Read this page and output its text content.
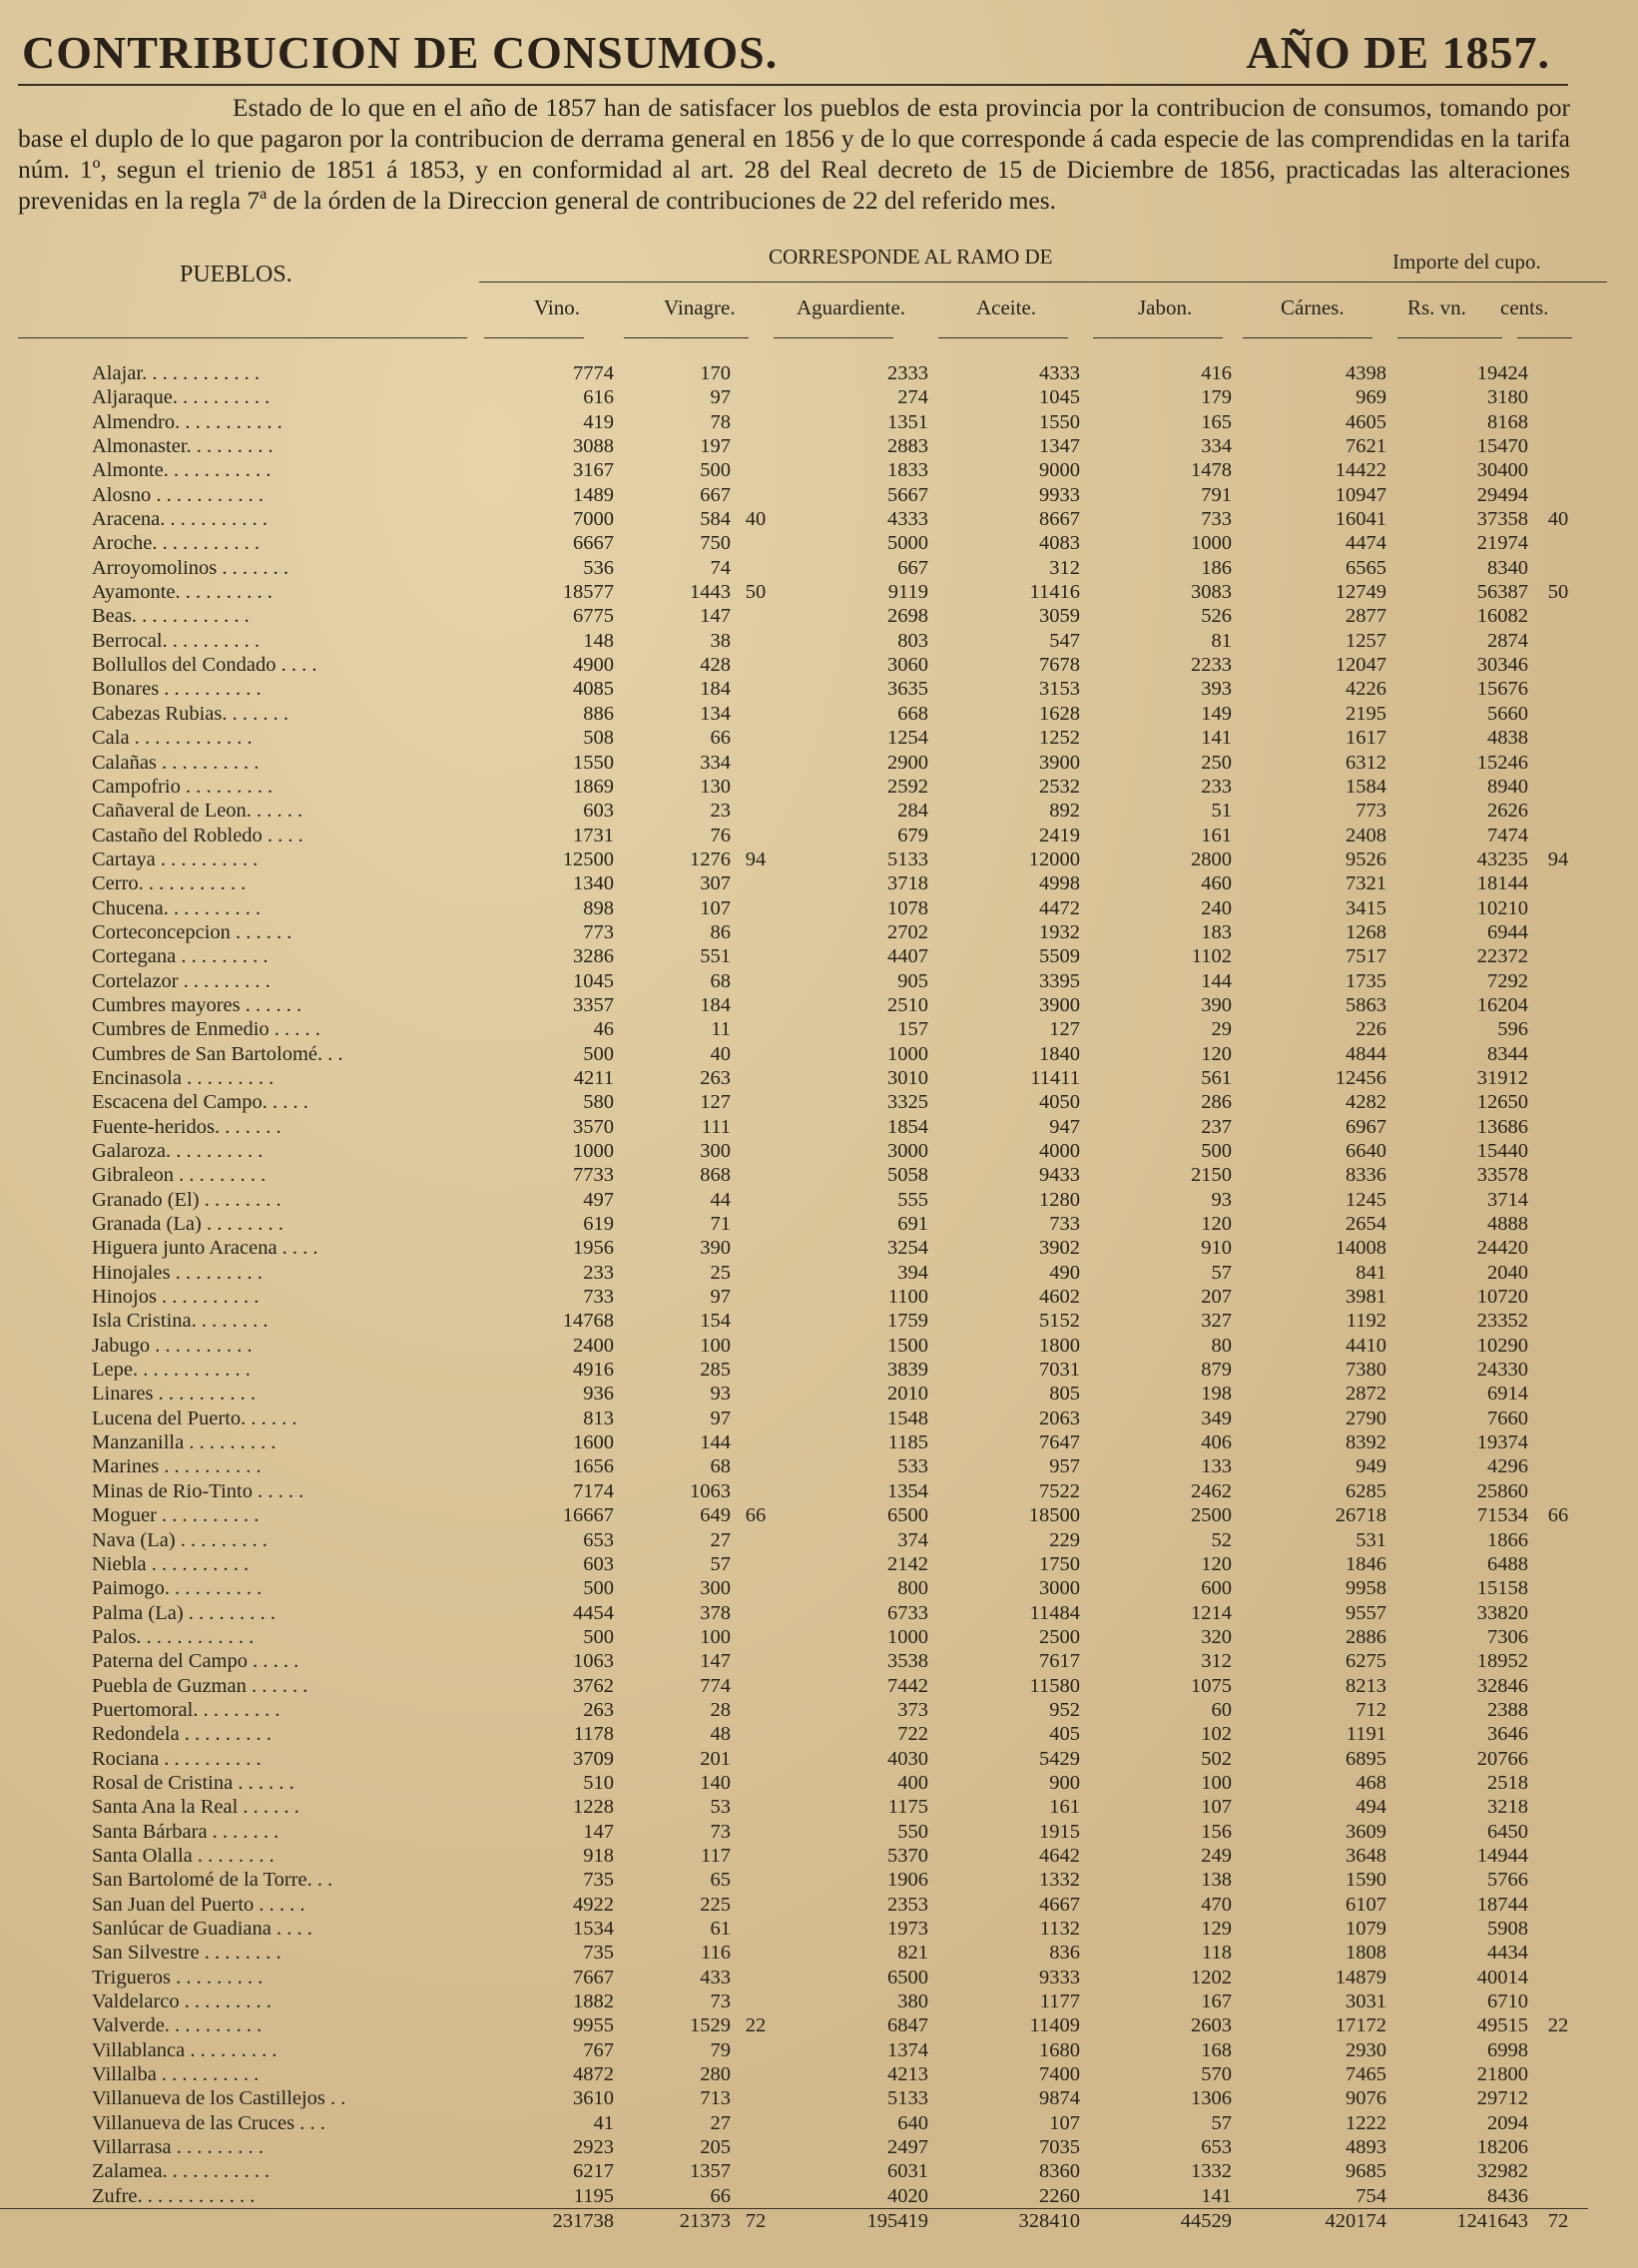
CONTRIBUCION DE CONSUMOS.	AÑO DE 1857.
Estado de lo que en el año de 1857 han de satisfacer los pueblos de esta provincia por la contribucion de consumos, tomando por base el duplo de lo que pagaron por la contribucion de derrama general en 1856 y de lo que corresponde á cada especie de las comprendidas en la tarifa núm. 1º, segun el trienio de 1851 á 1853, y en conformidad al art. 28 del Real decreto de 15 de Diciembre de 1856, practicadas las alteraciones prevenidas en la regla 7ª de la órden de la Direccion general de contribuciones de 22 del referido mes.
PUEBLOS.
CORRESPONDE AL RAMO DE	Importe del cupo.
Vino.	Vinagre.	Aguardiente.	Aceite.	Jabon.	Cárnes.	Rs. vn. cents.
Alajar. . . . . . . . . . . .	7774	170		2333	4333	416	4398	19424	
Aljaraque. . . . . . . . . .	616	97		274	1045	179	969	3180	
Almendro. . . . . . . . . . .	419	78		1351	1550	165	4605	8168	
Almonaster. . . . . . . . .	3088	197		2883	1347	334	7621	15470	
Almonte. . . . . . . . . . .	3167	500		1833	9000	1478	14422	30400	
Alosno . . . . . . . . . . .	1489	667		5667	9933	791	10947	29494	
Aracena. . . . . . . . . . .	7000	584	40	4333	8667	733	16041	37358	40
Aroche. . . . . . . . . . .	6667	750		5000	4083	1000	4474	21974	
Arroyomolinos . . . . . . .	536	74		667	312	186	6565	8340	
Ayamonte. . . . . . . . . .	18577	1443	50	9119	11416	3083	12749	56387	50
Beas. . . . . . . . . . . .	6775	147		2698	3059	526	2877	16082	
Berrocal. . . . . . . . . .	148	38		803	547	81	1257	2874	
Bollullos del Condado . . . .	4900	428		3060	7678	2233	12047	30346	
Bonares . . . . . . . . . .	4085	184		3635	3153	393	4226	15676	
Cabezas Rubias. . . . . . .	886	134		668	1628	149	2195	5660	
Cala . . . . . . . . . . . .	508	66		1254	1252	141	1617	4838	
Calañas . . . . . . . . . .	1550	334		2900	3900	250	6312	15246	
Campofrio . . . . . . . . .	1869	130		2592	2532	233	1584	8940	
Cañaveral de Leon. . . . . .	603	23		284	892	51	773	2626	
Castaño del Robledo . . . .	1731	76		679	2419	161	2408	7474	
Cartaya . . . . . . . . . .	12500	1276	94	5133	12000	2800	9526	43235	94
Cerro. . . . . . . . . . .	1340	307		3718	4998	460	7321	18144	
Chucena. . . . . . . . . .	898	107		1078	4472	240	3415	10210	
Corteconcepcion . . . . . .	773	86		2702	1932	183	1268	6944	
Cortegana . . . . . . . . .	3286	551		4407	5509	1102	7517	22372	
Cortelazor . . . . . . . . .	1045	68		905	3395	144	1735	7292	
Cumbres mayores . . . . . .	3357	184		2510	3900	390	5863	16204	
Cumbres de Enmedio . . . . .	46	11		157	127	29	226	596	
Cumbres de San Bartolomé. . .	500	40		1000	1840	120	4844	8344	
Encinasola . . . . . . . . .	4211	263		3010	11411	561	12456	31912	
Escacena del Campo. . . . .	580	127		3325	4050	286	4282	12650	
Fuente-heridos. . . . . . .	3570	111		1854	947	237	6967	13686	
Galaroza. . . . . . . . . .	1000	300		3000	4000	500	6640	15440	
Gibraleon . . . . . . . . .	7733	868		5058	9433	2150	8336	33578	
Granado (El) . . . . . . . .	497	44		555	1280	93	1245	3714	
Granada (La) . . . . . . . .	619	71		691	733	120	2654	4888	
Higuera junto Aracena . . . .	1956	390		3254	3902	910	14008	24420	
Hinojales . . . . . . . . .	233	25		394	490	57	841	2040	
Hinojos . . . . . . . . . .	733	97		1100	4602	207	3981	10720	
Isla Cristina. . . . . . . .	14768	154		1759	5152	327	1192	23352	
Jabugo . . . . . . . . . .	2400	100		1500	1800	80	4410	10290	
Lepe. . . . . . . . . . . .	4916	285		3839	7031	879	7380	24330	
Linares . . . . . . . . . .	936	93		2010	805	198	2872	6914	
Lucena del Puerto. . . . . .	813	97		1548	2063	349	2790	7660	
Manzanilla . . . . . . . . .	1600	144		1185	7647	406	8392	19374	
Marines . . . . . . . . . .	1656	68		533	957	133	949	4296	
Minas de Rio-Tinto . . . . .	7174	1063		1354	7522	2462	6285	25860	
Moguer . . . . . . . . . .	16667	649	66	6500	18500	2500	26718	71534	66
Nava (La) . . . . . . . . .	653	27		374	229	52	531	1866	
Niebla . . . . . . . . . .	603	57		2142	1750	120	1846	6488	
Paimogo. . . . . . . . . .	500	300		800	3000	600	9958	15158	
Palma (La) . . . . . . . . .	4454	378		6733	11484	1214	9557	33820	
Palos. . . . . . . . . . . .	500	100		1000	2500	320	2886	7306	
Paterna del Campo . . . . .	1063	147		3538	7617	312	6275	18952	
Puebla de Guzman . . . . . .	3762	774		7442	11580	1075	8213	32846	
Puertomoral. . . . . . . . .	263	28		373	952	60	712	2388	
Redondela . . . . . . . . .	1178	48		722	405	102	1191	3646	
Rociana . . . . . . . . . .	3709	201		4030	5429	502	6895	20766	
Rosal de Cristina . . . . . .	510	140		400	900	100	468	2518	
Santa Ana la Real . . . . . .	1228	53		1175	161	107	494	3218	
Santa Bárbara . . . . . . .	147	73		550	1915	156	3609	6450	
Santa Olalla . . . . . . . .	918	117		5370	4642	249	3648	14944	
San Bartolomé de la Torre. . .	735	65		1906	1332	138	1590	5766	
San Juan del Puerto . . . . .	4922	225		2353	4667	470	6107	18744	
Sanlúcar de Guadiana . . . .	1534	61		1973	1132	129	1079	5908	
San Silvestre . . . . . . . .	735	116		821	836	118	1808	4434	
Trigueros . . . . . . . . .	7667	433		6500	9333	1202	14879	40014	
Valdelarco . . . . . . . . .	1882	73		380	1177	167	3031	6710	
Valverde. . . . . . . . . .	9955	1529	22	6847	11409	2603	17172	49515	22
Villablanca . . . . . . . . .	767	79		1374	1680	168	2930	6998	
Villalba . . . . . . . . . .	4872	280		4213	7400	570	7465	21800	
Villanueva de los Castillejos . .	3610	713		5133	9874	1306	9076	29712	
Villanueva de las Cruces . . .	41	27		640	107	57	1222	2094	
Villarrasa . . . . . . . . .	2923	205		2497	7035	653	4893	18206	
Zalamea. . . . . . . . . . .	6217	1357		6031	8360	1332	9685	32982	
Zufre. . . . . . . . . . . .	1195	66		4020	2260	141	754	8436	
	231738	21373	72	195419	328410	44529	420174	1241643	72
